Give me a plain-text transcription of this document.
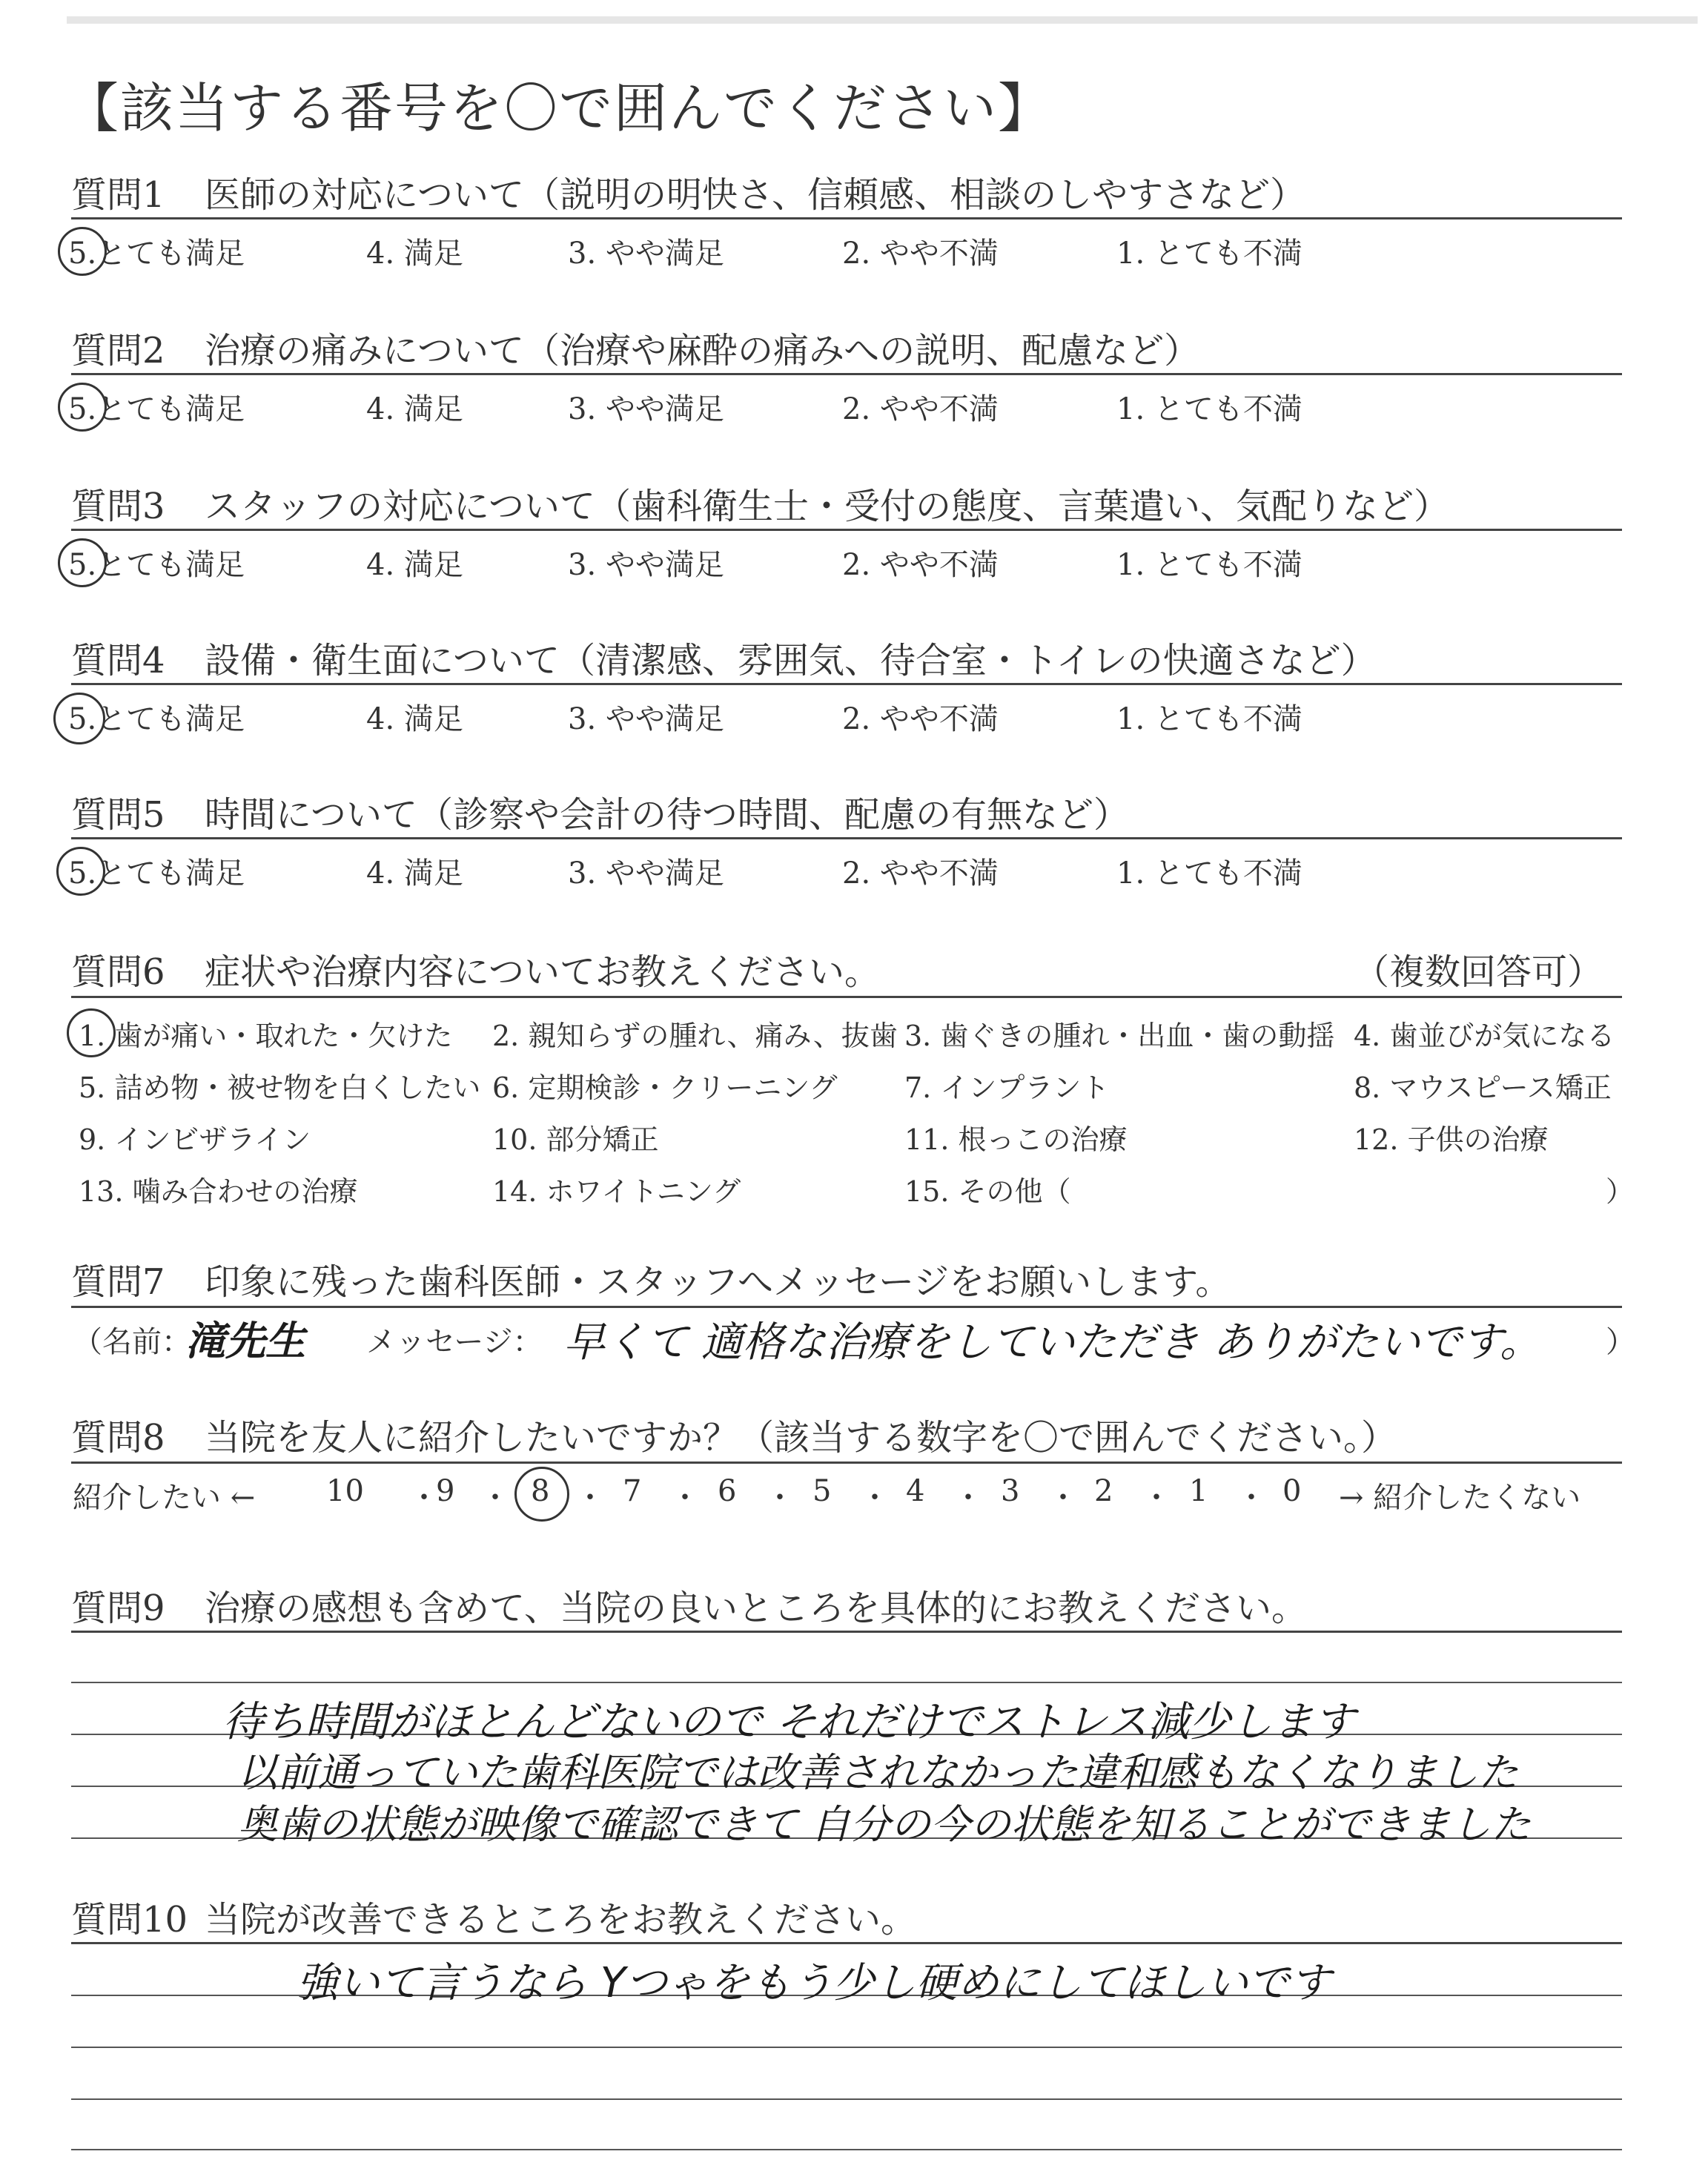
【該当する番号を〇で囲んでください】
質問1 医師の対応について（説明の明快さ、信頼感、相談のしやすさなど）
5.とても満足	4. 満足	3. やや満足	2. やや不満	1. とても不満
質問2 治療の痛みについて（治療や麻酔の痛みへの説明、配慮など）
5.とても満足	4. 満足	3. やや満足	2. やや不満	1. とても不満
質問3 スタッフの対応について（歯科衛生士・受付の態度、言葉遣い、気配りなど）
5.とても満足	4. 満足	3. やや満足	2. やや不満	1. とても不満
質問4 設備・衛生面について（清潔感、雰囲気、待合室・トイレの快適さなど）
5.とても満足	4. 満足	3. やや満足	2. やや不満	1. とても不満
質問5 時間について（診察や会計の待つ時間、配慮の有無など）
5.とても満足	4. 満足	3. やや満足	2. やや不満	1. とても不満
質問6 症状や治療内容についてお教えください。	（複数回答可）
1. 歯が痛い・取れた・欠けた 2. 親知らずの腫れ、痛み、抜歯 3. 歯ぐきの腫れ・出血・歯の動揺 4. 歯並びが気になる
5. 詰め物・被せ物を白くしたい 6. 定期検診・クリーニング 7. インプラント	8. マウスピース矯正
9. インビザライン	10. 部分矯正	11. 根っこの治療	12. 子供の治療
13. 噛み合わせの治療	14. ホワイトニング	15. その他（	）
質問7 印象に残った歯科医師・スタッフへメッセージをお願いします。
（名前：
滝先生 メッセージ： 早くて 適格な治療をしていただき ありがたいです。 ）
質問8 当院を友人に紹介したいですか？（該当する数字を〇で囲んでください。）
紹介したい ←	→ 紹介したくない
10 ・
9 ・ 8 ・ 7 ・ 6 ・ 5 ・ 4 ・ 3 ・ 2 ・ 1 ・ 0
質問9 治療の感想も含めて、当院の良いところを具体的にお教えください。
待ち時間がほとんどないので それだけでストレス減少します
以前通っていた歯科医院では改善されなかった違和感もなくなりました
奥歯の状態が映像で確認できて 自分の今の状態を知ることができました
質問10 当院が改善できるところをお教えください。
強いて言うなら Yつゃをもう少し硬めにしてほしいです
